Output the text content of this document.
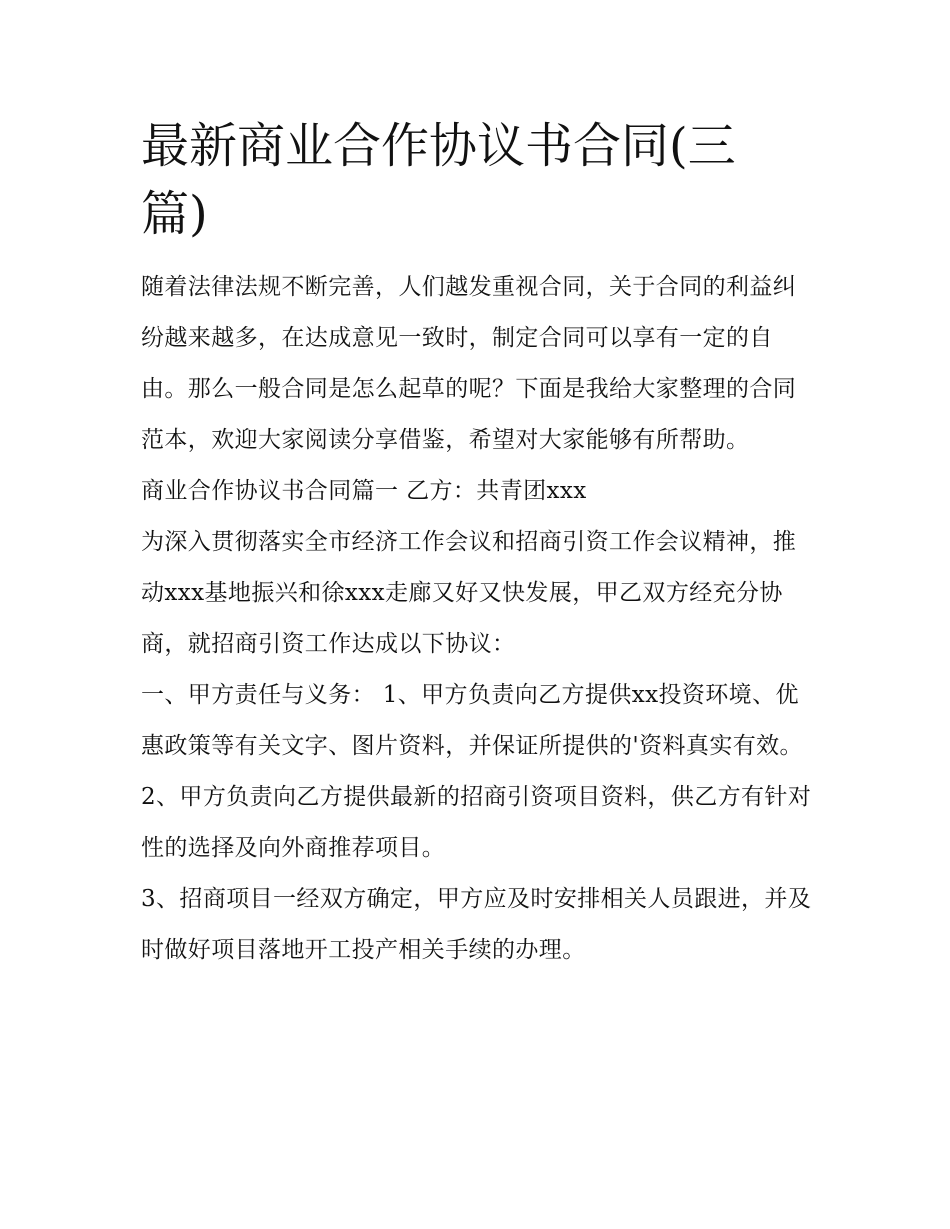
最新商业合作协议书合同(三篇)

随着法律法规不断完善，人们越发重视合同，关于合同的利益纠纷越来越多，在达成意见一致时，制定合同可以享有一定的自由。那么一般合同是怎么起草的呢？下面是我给大家整理的合同范本，欢迎大家阅读分享借鉴，希望对大家能够有所帮助。

商业合作协议书合同篇一 乙方：共青团xxx

为深入贯彻落实全市经济工作会议和招商引资工作会议精神，推动xxx基地振兴和徐xxx走廊又好又快发展，甲乙双方经充分协商，就招商引资工作达成以下协议：

一、甲方责任与义务： 1、甲方负责向乙方提供xx投资环境、优惠政策等有关文字、图片资料，并保证所提供的'资料真实有效。

2、甲方负责向乙方提供最新的招商引资项目资料，供乙方有针对性的选择及向外商推荐项目。

3、招商项目一经双方确定，甲方应及时安排相关人员跟进，并及时做好项目落地开工投产相关手续的办理。
